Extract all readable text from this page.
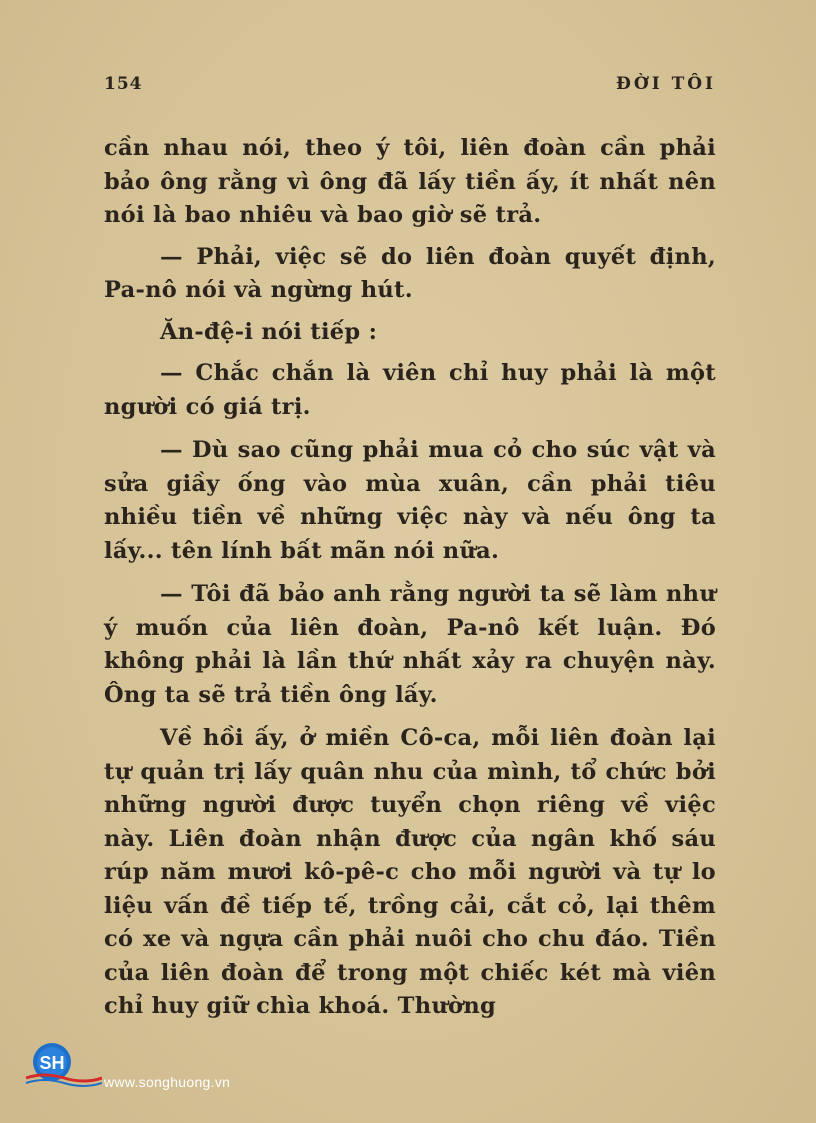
154	ĐỜI TÔI

cần nhau nói, theo ý tôi, liên đoàn cần phải bảo ông rằng vì ông đã lấy tiền ấy, ít nhất nên nói là bao nhiêu và bao giờ sẽ trả.

— Phải, việc sẽ do liên đoàn quyết định, Pa-nô nói và ngừng hút.

Ăn-đệ-i nói tiếp :

— Chắc chắn là viên chỉ huy phải là một người có giá trị.

— Dù sao cũng phải mua cỏ cho súc vật và sửa giầy ống vào mùa xuân, cần phải tiêu nhiều tiền về những việc này và nếu ông ta lấy... tên lính bất mãn nói nữa.

— Tôi đã bảo anh rằng người ta sẽ làm như ý muốn của liên đoàn, Pa-nô kết luận. Đó không phải là lần thứ nhất xảy ra chuyện này. Ông ta sẽ trả tiền ông lấy.

Về hồi ấy, ở miền Cô-ca, mỗi liên đoàn lại tự quản trị lấy quân nhu của mình, tổ chức bởi những người được tuyển chọn riêng về việc này. Liên đoàn nhận được của ngân khố sáu rúp năm mươi kô-pê-c cho mỗi người và tự lo liệu vấn đề tiếp tế, trồng cải, cắt cỏ, lại thêm có xe và ngựa cần phải nuôi cho chu đáo. Tiền của liên đoàn để trong một chiếc két mà viên chỉ huy giữ chìa khoá. Thường

SH
www.songhuong.vn
